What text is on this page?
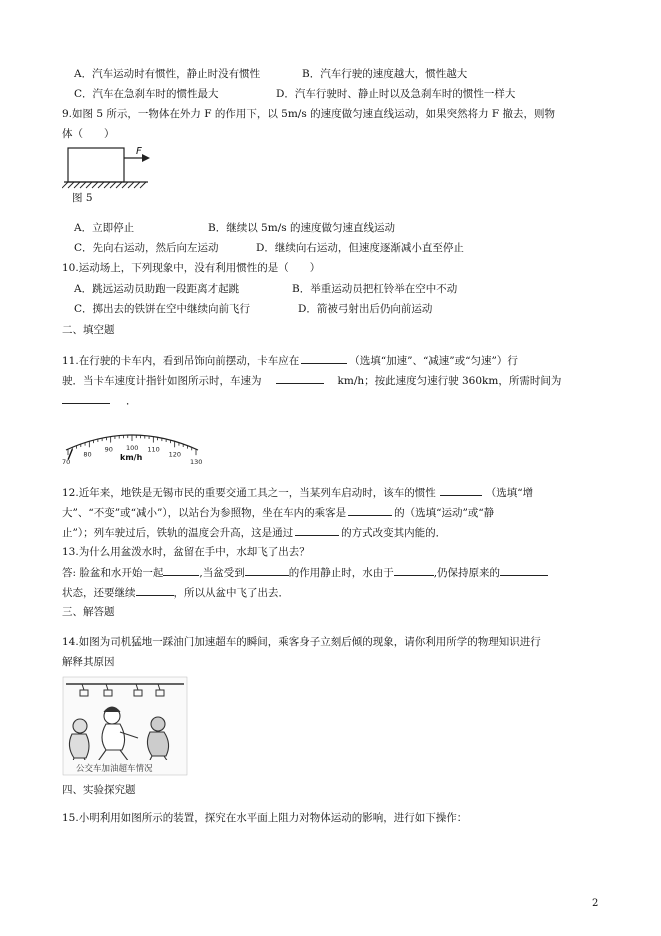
A．汽车运动时有惯性，静止时没有惯性	B．汽车行驶的速度越大，惯性越大
C．汽车在急刹车时的惯性最大	D．汽车行驶时、静止时以及急刹车时的惯性一样大
9.如图 5 所示，一物体在外力 F 的作用下，以 5m/s 的速度做匀速直线运动，如果突然将力 F 撤去，则物
体（　　）
F
图 5
A．立即停止	B．继续以 5m/s 的速度做匀速直线运动
C．先向右运动，然后向左运动	D．继续向右运动，但速度逐渐减小直至停止
10.运动场上，下列现象中，没有利用惯性的是（　　）
A．跳远运动员助跑一段距离才起跳	B．举重运动员把杠铃举在空中不动
C．掷出去的铁饼在空中继续向前飞行	D．箭被弓射出后仍向前运动
二、填空题
11.在行驶的卡车内，看到吊饰向前摆动，卡车应在	（选填“加速”、“减速”或“匀速”）行
驶．当卡车速度计指针如图所示时，车速为	km/h；按此速度匀速行驶 360km，所需时间为
．
70
80
90 100 110
120
130
km/h
12.近年来，地铁是无锡市民的重要交通工具之一，当某列车启动时，该车的惯性	（选填“增
大”、“不变”或“减小”），以站台为参照物，坐在车内的乘客是	的（选填“运动”或“静
止”）；列车驶过后，铁轨的温度会升高，这是通过	的方式改变其内能的．
13.为什么用盆泼水时，盆留在手中，水却飞了出去？
答: 脸盆和水开始一起	,当盆受到	的作用静止时，水由于	,仍保持原来的
状态，还要继续	，所以从盆中飞了出去．
三、解答题
14.如图为司机猛地一踩油门加速超车的瞬间，乘客身子立刻后倾的现象，请你利用所学的物理知识进行
解释其原因
公交车加油超车情况
四、实验探究题
15.小明利用如图所示的装置，探究在水平面上阻力对物体运动的影响，进行如下操作：
2
